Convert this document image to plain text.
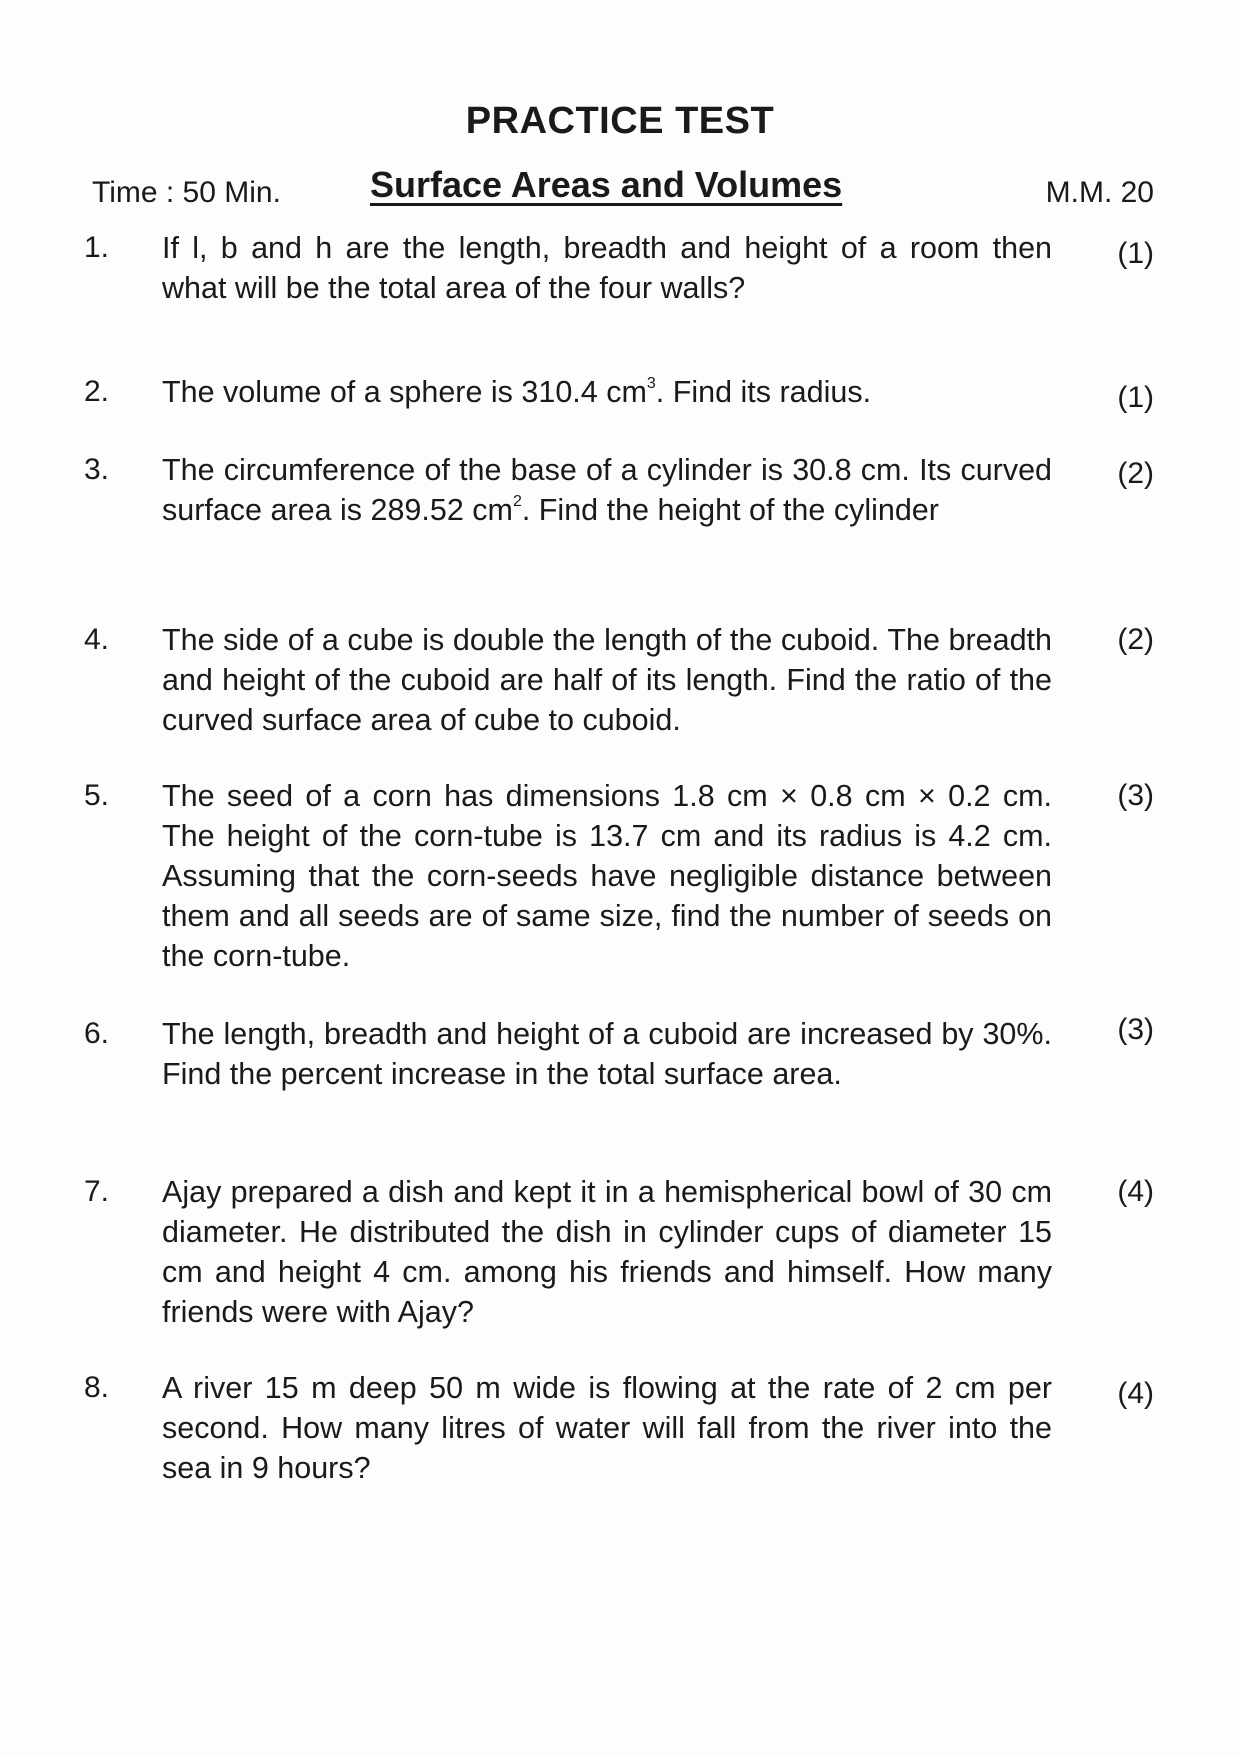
PRACTICE TEST
Time : 50 Min. Surface Areas and Volumes	M.M. 20
1. If l, b and h are the length, breadth and height of a room then what will be the total area of the four walls?
(1)
2. The volume of a sphere is 310.4 $cm^3$. Find its radius.	(1)
3. The circumference of the base of a cylinder is 30.8 cm. Its curved surface area is 289.52 $cm^2$. Find the height of the cylinder
(2)
4. The side of a cube is double the length of the cuboid. The breadth and height of the cuboid are half of its length. Find the ratio of the curved surface area of cube to cuboid.
(2)
5. The seed of a corn has dimensions 1.8 cm × 0.8 cm × 0.2 cm. The height of the corn-tube is 13.7 cm and its radius is 4.2 cm. Assuming that the corn-seeds have negligible distance between them and all seeds are of same size, find the number of seeds on the corn-tube.
(3)
6. The length, breadth and height of a cuboid are increased by 30%. Find the percent increase in the total surface area.
(3)
7. Ajay prepared a dish and kept it in a hemispherical bowl of 30 cm diameter. He distributed the dish in cylinder cups of diameter 15 cm and height 4 cm. among his friends and himself. How many friends were with Ajay?
(4)
8. A river 15 m deep 50 m wide is flowing at the rate of 2 cm per second. How many litres of water will fall from the river into the sea in 9 hours?
(4)
